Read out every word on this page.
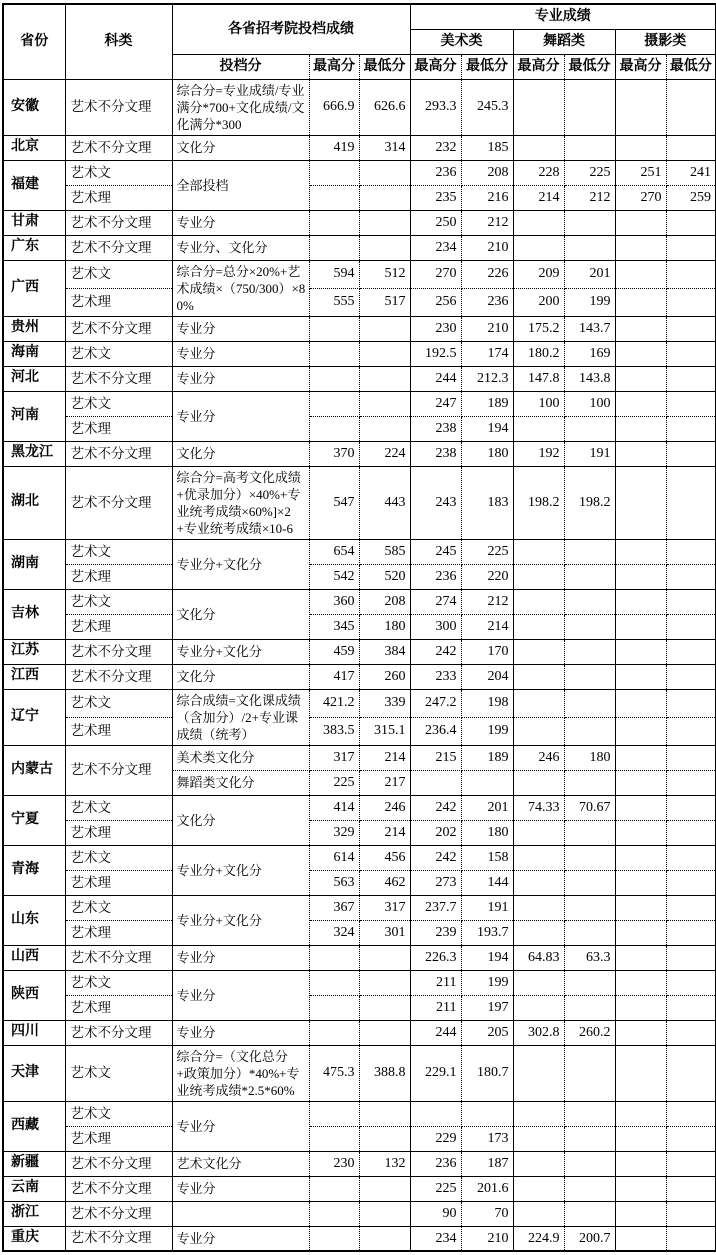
省份	科类	各省招考院投档成绩			专业成绩					
					美术类		舞蹈类		摄影类	
		投档分	最高分	最低分	最高分	最低分	最高分	最低分	最高分	最低分
安徽	艺术不分文理	综合分=专业成绩/专业满分*700+文化成绩/文化满分*300	666.9	626.6	293.3	245.3				
北京	艺术不分文理	文化分	419	314	232	185				
福建	艺术文	全部投档			236	208	228	225	251	241
	艺术理				235	216	214	212	270	259
甘肃	艺术不分文理	专业分			250	212				
广东	艺术不分文理	专业分、文化分			234	210				
广西	艺术文	综合分=总分×20%+艺术成绩×（750/300）×80%	594	512	270	226	209	201		
	艺术理		555	517	256	236	200	199		
贵州	艺术不分文理	专业分			230	210	175.2	143.7		
海南	艺术文	专业分			192.5	174	180.2	169		
河北	艺术不分文理	专业分			244	212.3	147.8	143.8		
河南	艺术文	专业分			247	189	100	100		
	艺术理				238	194				
黑龙江	艺术不分文理	文化分	370	224	238	180	192	191		
湖北	艺术不分文理	综合分=高考文化成绩+优录加分）×40%+专业统考成绩×60%]×2+专业统考成绩×10-6	547	443	243	183	198.2	198.2		
湖南	艺术文	专业分+文化分	654	585	245	225				
	艺术理		542	520	236	220				
吉林	艺术文	文化分	360	208	274	212				
	艺术理		345	180	300	214				
江苏	艺术不分文理	专业分+文化分	459	384	242	170				
江西	艺术不分文理	文化分	417	260	233	204				
辽宁	艺术文	综合成绩=文化课成绩（含加分）/2+专业课成绩（统考）	421.2	339	247.2	198				
	艺术理		383.5	315.1	236.4	199				
内蒙古	艺术不分文理	美术类文化分	317	214	215	189	246	180		
		舞蹈类文化分	225	217						
宁夏	艺术文	文化分	414	246	242	201	74.33	70.67		
	艺术理		329	214	202	180				
青海	艺术文	专业分+文化分	614	456	242	158				
	艺术理		563	462	273	144				
山东	艺术文	专业分+文化分	367	317	237.7	191				
	艺术理		324	301	239	193.7				
山西	艺术不分文理	专业分			226.3	194	64.83	63.3		
陕西	艺术文	专业分			211	199				
	艺术理				211	197				
四川	艺术不分文理	专业分			244	205	302.8	260.2		
天津	艺术文	综合分=（文化总分+政策加分）*40%+专业统考成绩*2.5*60%	475.3	388.8	229.1	180.7				
西藏	艺术文	专业分								
	艺术理				229	173				
新疆	艺术不分文理	艺术文化分	230	132	236	187				
云南	艺术不分文理	专业分			225	201.6				
浙江	艺术不分文理				90	70				
重庆	艺术不分文理	专业分			234	210	224.9	200.7		
